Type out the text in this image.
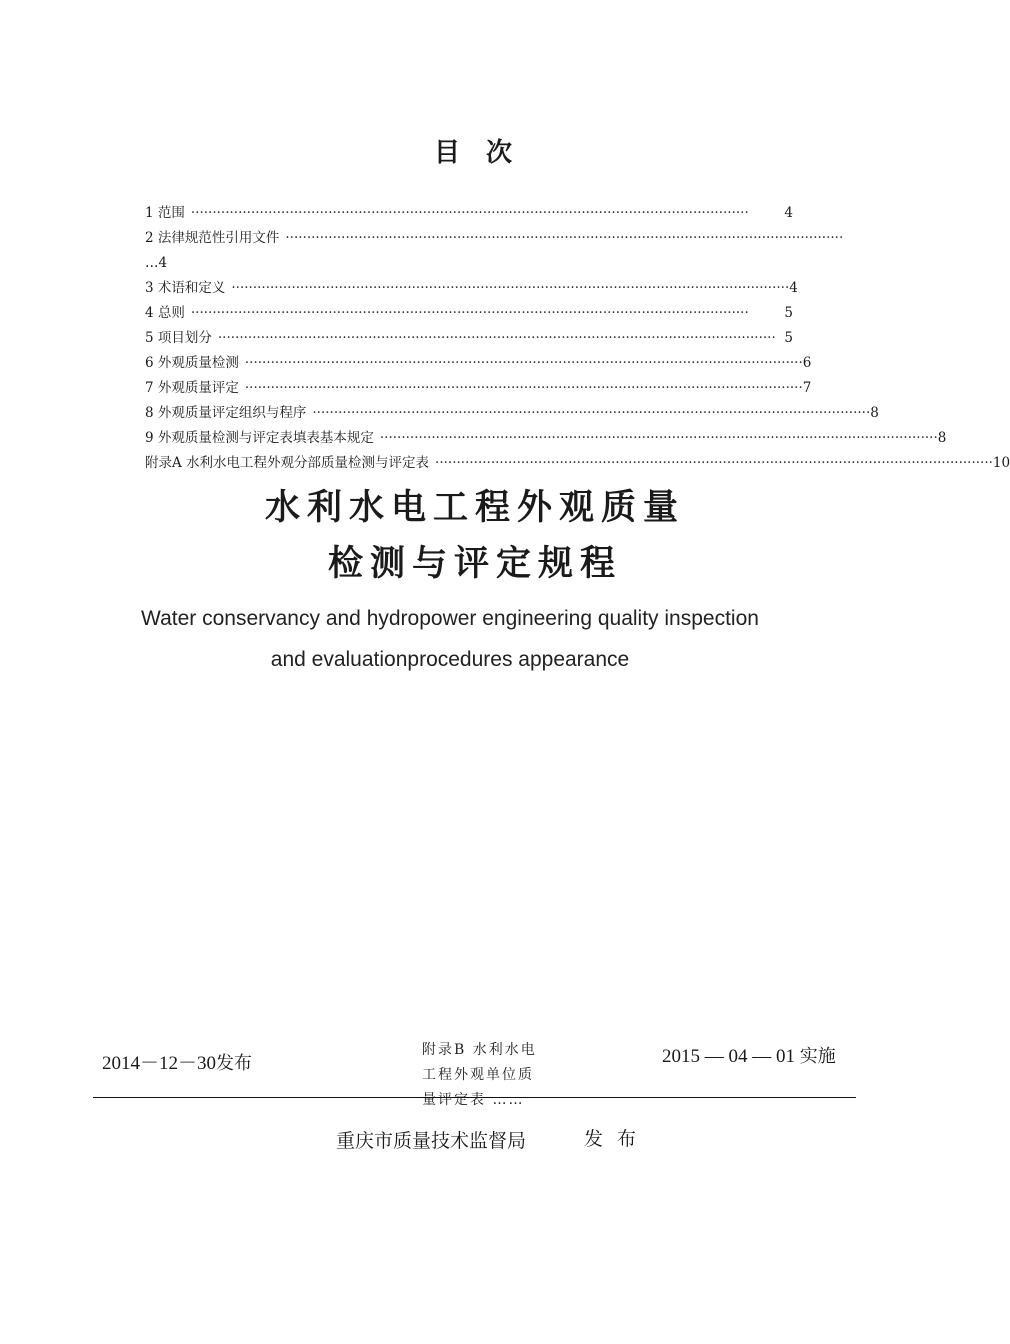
目 次
1 范围 ··································································································································	4
2 法律规范性引用文件 ··································································································································
…4
3 术语和定义 ·································································································································· 4
4 总则 ··································································································································	5
5 项目划分 ·································································································································· 5
6 外观质量检测 ·································································································································· 6
7 外观质量评定 ·································································································································· 7
8 外观质量评定组织与程序 ·································································································································· 8
9 外观质量检测与评定表填表基本规定 ·································································································································· 8
附录A 水利水电工程外观分部质量检测与评定表 ·································································································································· 10
水利水电工程外观质量
检测与评定规程
Water conservancy and hydropower engineering quality inspection
and evaluationprocedures appearance
2014－12－30发布
附录B 水利水电
工程外观单位质
量评定表 ……
2015 — 04 — 01 实施
重庆市质量技术监督局	发 布
